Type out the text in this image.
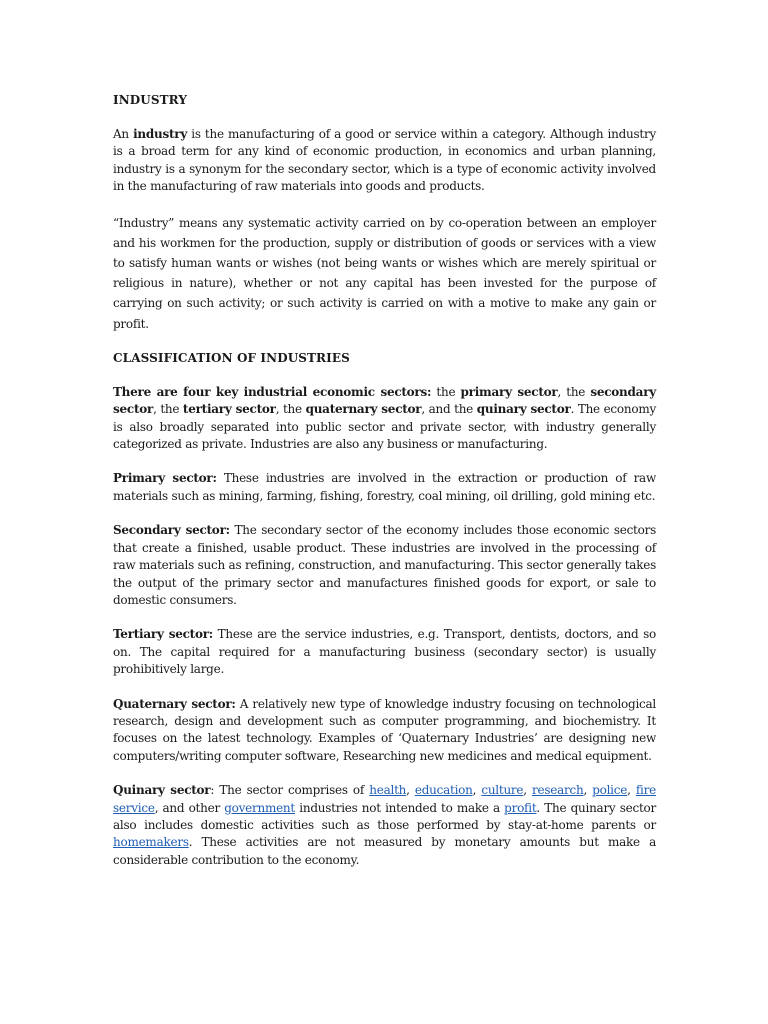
INDUSTRY

An industry is the manufacturing of a good or service within a category. Although industry is a broad term for any kind of economic production, in economics and urban planning, industry is a synonym for the secondary sector, which is a type of economic activity involved in the manufacturing of raw materials into goods and products.

“Industry” means any systematic activity carried on by co-operation between an employer and his workmen for the production, supply or distribution of goods or services with a view to satisfy human wants or wishes (not being wants or wishes which are merely spiritual or religious in nature), whether or not any capital has been invested for the purpose of carrying on such activity; or such activity is carried on with a motive to make any gain or profit.

CLASSIFICATION OF INDUSTRIES

There are four key industrial economic sectors: the primary sector, the secondary sector, the tertiary sector, the quaternary sector, and the quinary sector. The economy is also broadly separated into public sector and private sector, with industry generally categorized as private. Industries are also any business or manufacturing.

Primary sector: These industries are involved in the extraction or production of raw materials such as mining, farming, fishing, forestry, coal mining, oil drilling, gold mining etc.

Secondary sector: The secondary sector of the economy includes those economic sectors that create a finished, usable product. These industries are involved in the processing of raw materials such as refining, construction, and manufacturing. This sector generally takes the output of the primary sector and manufactures finished goods for export, or sale to domestic consumers.

Tertiary sector: These are the service industries, e.g. Transport, dentists, doctors, and so on. The capital required for a manufacturing business (secondary sector) is usually prohibitively large.

Quaternary sector: A relatively new type of knowledge industry focusing on technological research, design and development such as computer programming, and biochemistry. It focuses on the latest technology. Examples of ‘Quaternary Industries’ are designing new computers/writing computer software, Researching new medicines and medical equipment.

Quinary sector: The sector comprises of health, education, culture, research, police, fire service, and other government industries not intended to make a profit. The quinary sector also includes domestic activities such as those performed by stay-at-home parents or homemakers. These activities are not measured by monetary amounts but make a considerable contribution to the economy.
